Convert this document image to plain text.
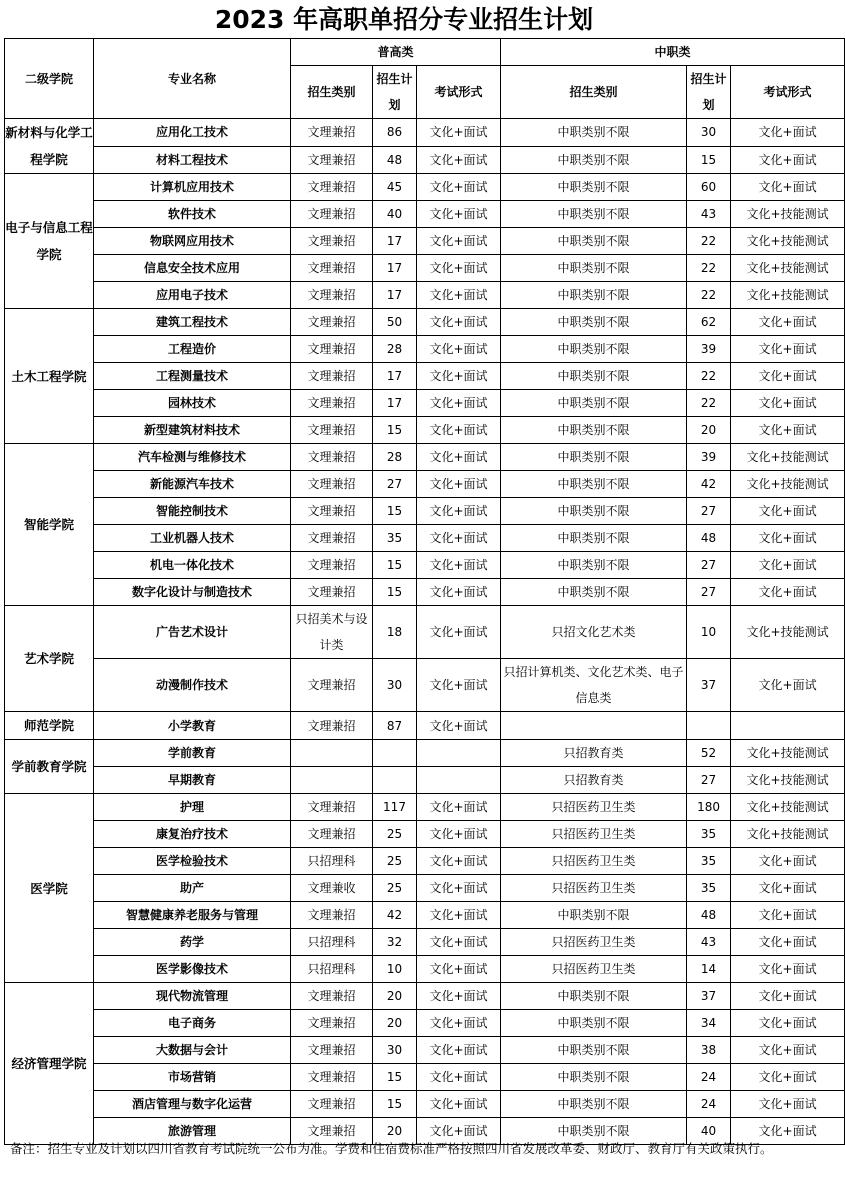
2023 年高职单招分专业招生计划
二级学院	专业名称	普高类			中职类		
		招生类别	招生计划	考试形式	招生类别	招生计划	考试形式
新材料与化学工程学院	应用化工技术	文理兼招	86	文化+面试	中职类别不限	30	文化+面试
	材料工程技术	文理兼招	48	文化+面试	中职类别不限	15	文化+面试
电子与信息工程学院	计算机应用技术	文理兼招	45	文化+面试	中职类别不限	60	文化+面试
	软件技术	文理兼招	40	文化+面试	中职类别不限	43	文化+技能测试
	物联网应用技术	文理兼招	17	文化+面试	中职类别不限	22	文化+技能测试
	信息安全技术应用	文理兼招	17	文化+面试	中职类别不限	22	文化+技能测试
	应用电子技术	文理兼招	17	文化+面试	中职类别不限	22	文化+技能测试
土木工程学院	建筑工程技术	文理兼招	50	文化+面试	中职类别不限	62	文化+面试
	工程造价	文理兼招	28	文化+面试	中职类别不限	39	文化+面试
	工程测量技术	文理兼招	17	文化+面试	中职类别不限	22	文化+面试
	园林技术	文理兼招	17	文化+面试	中职类别不限	22	文化+面试
	新型建筑材料技术	文理兼招	15	文化+面试	中职类别不限	20	文化+面试
智能学院	汽车检测与维修技术	文理兼招	28	文化+面试	中职类别不限	39	文化+技能测试
	新能源汽车技术	文理兼招	27	文化+面试	中职类别不限	42	文化+技能测试
	智能控制技术	文理兼招	15	文化+面试	中职类别不限	27	文化+面试
	工业机器人技术	文理兼招	35	文化+面试	中职类别不限	48	文化+面试
	机电一体化技术	文理兼招	15	文化+面试	中职类别不限	27	文化+面试
	数字化设计与制造技术	文理兼招	15	文化+面试	中职类别不限	27	文化+面试
艺术学院	广告艺术设计	只招美术与设计类	18	文化+面试	只招文化艺术类	10	文化+技能测试
	动漫制作技术	文理兼招	30	文化+面试	只招计算机类、文化艺术类、电子信息类	37	文化+面试
师范学院	小学教育	文理兼招	87	文化+面试			
学前教育学院	学前教育				只招教育类	52	文化+技能测试
	早期教育				只招教育类	27	文化+技能测试
医学院	护理	文理兼招	117	文化+面试	只招医药卫生类	180	文化+技能测试
	康复治疗技术	文理兼招	25	文化+面试	只招医药卫生类	35	文化+技能测试
	医学检验技术	只招理科	25	文化+面试	只招医药卫生类	35	文化+面试
	助产	文理兼收	25	文化+面试	只招医药卫生类	35	文化+面试
	智慧健康养老服务与管理	文理兼招	42	文化+面试	中职类别不限	48	文化+面试
	药学	只招理科	32	文化+面试	只招医药卫生类	43	文化+面试
	医学影像技术	只招理科	10	文化+面试	只招医药卫生类	14	文化+面试
经济管理学院	现代物流管理	文理兼招	20	文化+面试	中职类别不限	37	文化+面试
	电子商务	文理兼招	20	文化+面试	中职类别不限	34	文化+面试
	大数据与会计	文理兼招	30	文化+面试	中职类别不限	38	文化+面试
	市场营销	文理兼招	15	文化+面试	中职类别不限	24	文化+面试
	酒店管理与数字化运营	文理兼招	15	文化+面试	中职类别不限	24	文化+面试
	旅游管理	文理兼招	20	文化+面试	中职类别不限	40	文化+面试
备注：招生专业及计划以四川省教育考试院统一公布为准。学费和住宿费标准严格按照四川省发展改革委、财政厅、教育厅有关政策执行。
